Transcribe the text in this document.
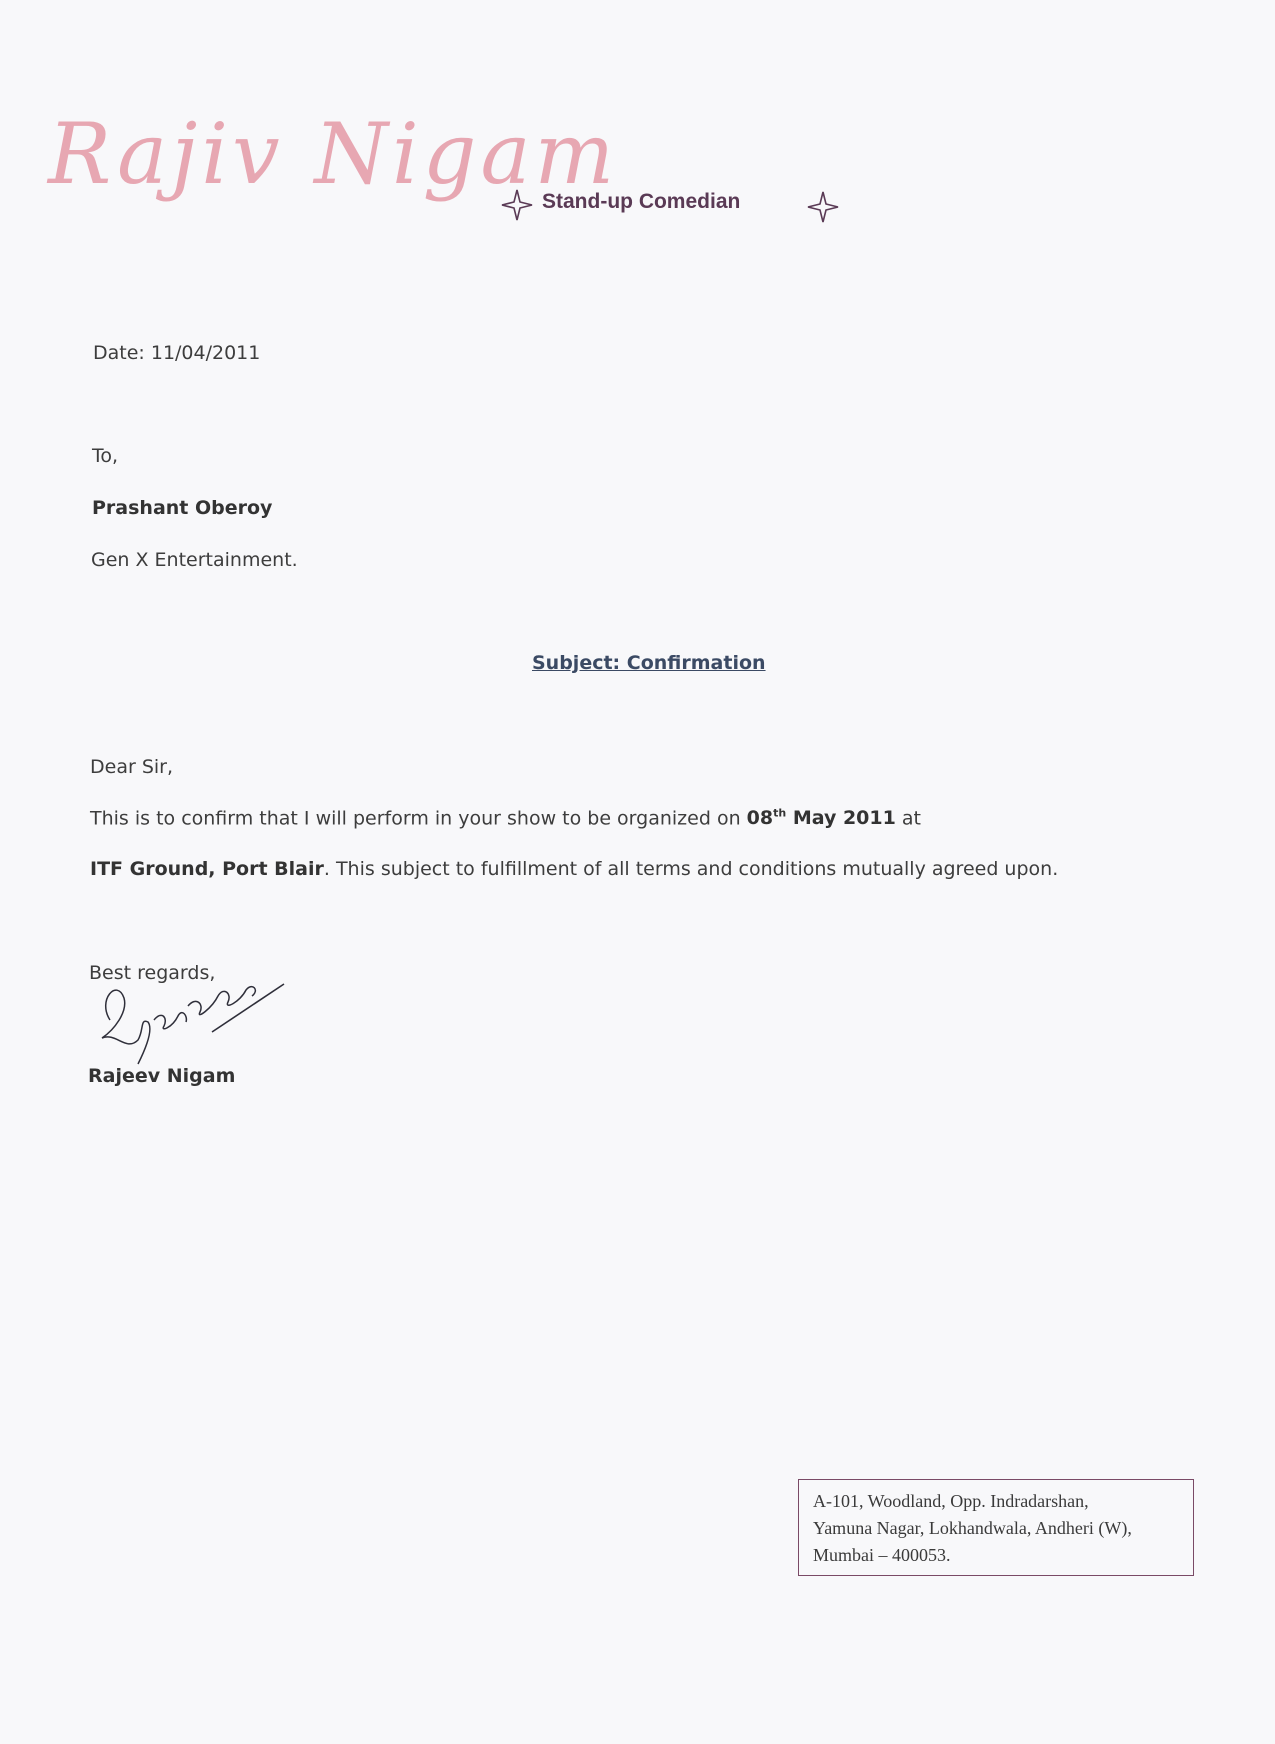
Rajiv Nigam
Stand-up Comedian
Date: 11/04/2011
To,
Prashant Oberoy
Gen X Entertainment.
Subject: Confirmation
Dear Sir,
This is to confirm that I will perform in your show to be organized on 08th May 2011 at
ITF Ground, Port Blair. This subject to fulfillment of all terms and conditions mutually agreed upon.
Best regards,
Rajeev Nigam
A-101, Woodland, Opp. Indradarshan,
Yamuna Nagar, Lokhandwala, Andheri (W),
Mumbai – 400053.
